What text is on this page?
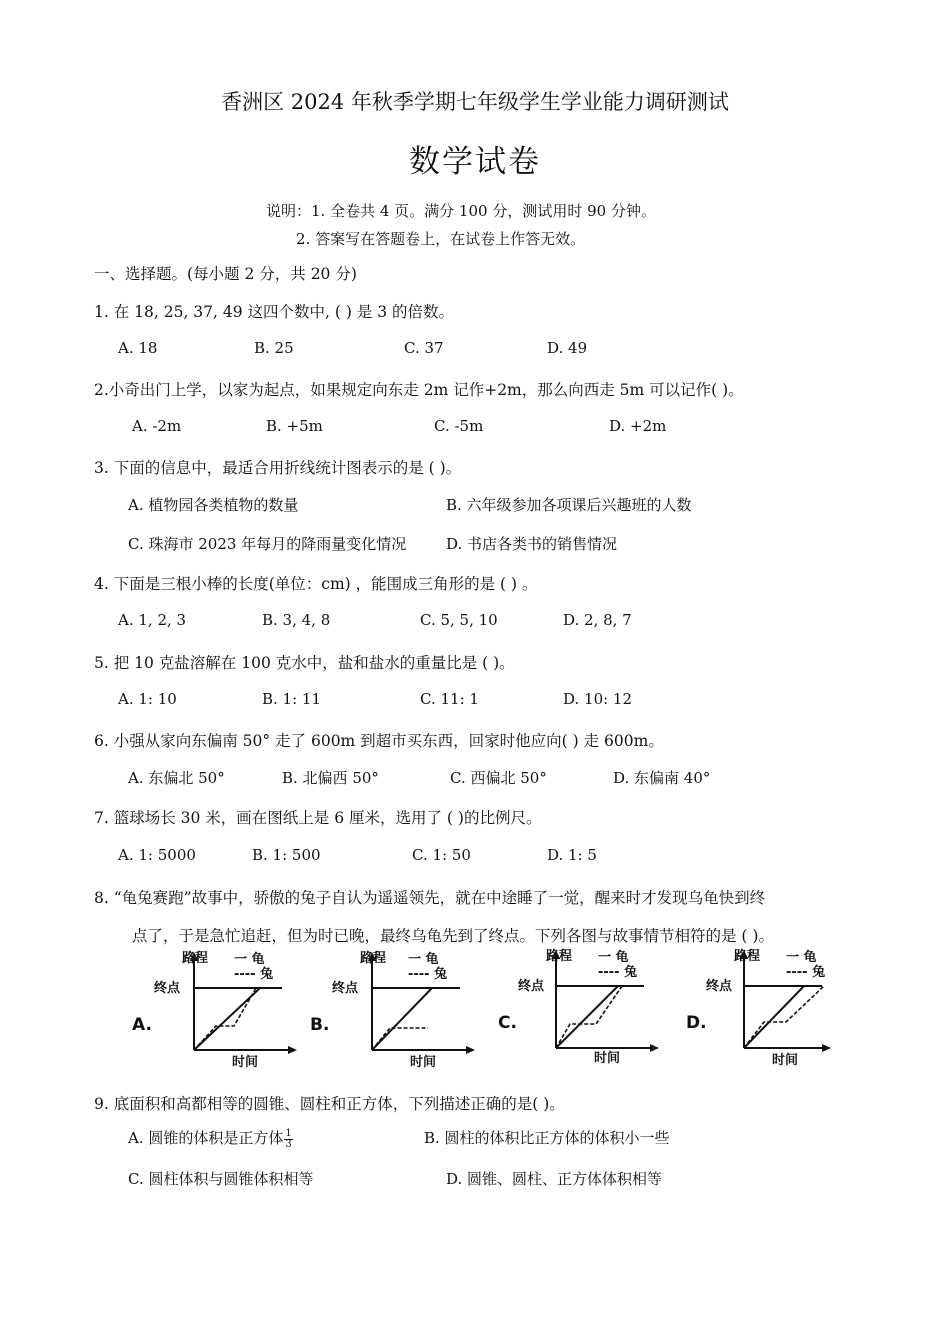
香洲区 2024 年秋季学期七年级学生学业能力调研测试
数学试卷
说明：1. 全卷共 4 页。满分 100 分，测试用时 90 分钟。
2. 答案写在答题卷上，在试卷上作答无效。
一、选择题。(每小题 2 分，共 20 分)
1. 在 18, 25, 37, 49 这四个数中, ( ) 是 3 的倍数。
A. 18	B. 25	C. 37	D. 49
2.小奇出门上学，以家为起点，如果规定向东走 2m 记作+2m，那么向西走 5m 可以记作( )。
A. -2m	B. +5m	C. -5m	D. +2m
3. 下面的信息中，最适合用折线统计图表示的是 ( )。
A. 植物园各类植物的数量	B. 六年级参加各项课后兴趣班的人数
C. 珠海市 2023 年每月的降雨量变化情况	D. 书店各类书的销售情况
4. 下面是三根小棒的长度(单位：cm) ，能围成三角形的是 ( ) 。
A. 1, 2, 3	B. 3, 4, 8	C. 5, 5, 10	D. 2, 8, 7
5. 把 10 克盐溶解在 100 克水中，盐和盐水的重量比是 ( )。
A. 1: 10	B. 1: 11	C. 11: 1	D. 10: 12
6. 小强从家向东偏南 50° 走了 600m 到超市买东西，回家时他应向( ) 走 600m。
A. 东偏北 50°	B. 北偏西 50°	C. 西偏北 50°	D. 东偏南 40°
7. 篮球场长 30 米，画在图纸上是 6 厘米，选用了 ( )的比例尺。
A. 1: 5000	B. 1: 500	C. 1: 50	D. 1: 5
8. “龟兔赛跑”故事中，骄傲的兔子自认为遥遥领先，就在中途睡了一觉，醒来时才发现乌龟快到终
点了，于是急忙追赶，但为时已晚，最终乌龟先到了终点。下列各图与故事情节相符的是 ( )。
A.
路程
时间
终点
一 龟
---- 兔
B.
路程
时间
终点
一 龟
---- 兔
C.
路程
时间
终点
一 龟
---- 兔
D.
路程
时间
终点
一 龟
---- 兔
9. 底面积和高都相等的圆锥、圆柱和正方体，下列描述正确的是( )。
A. 圆锥的体积是正方体 $\frac{1}{3}$	B. 圆柱的体积比正方体的体积小一些
C. 圆柱体积与圆锥体积相等	D. 圆锥、圆柱、正方体体积相等
